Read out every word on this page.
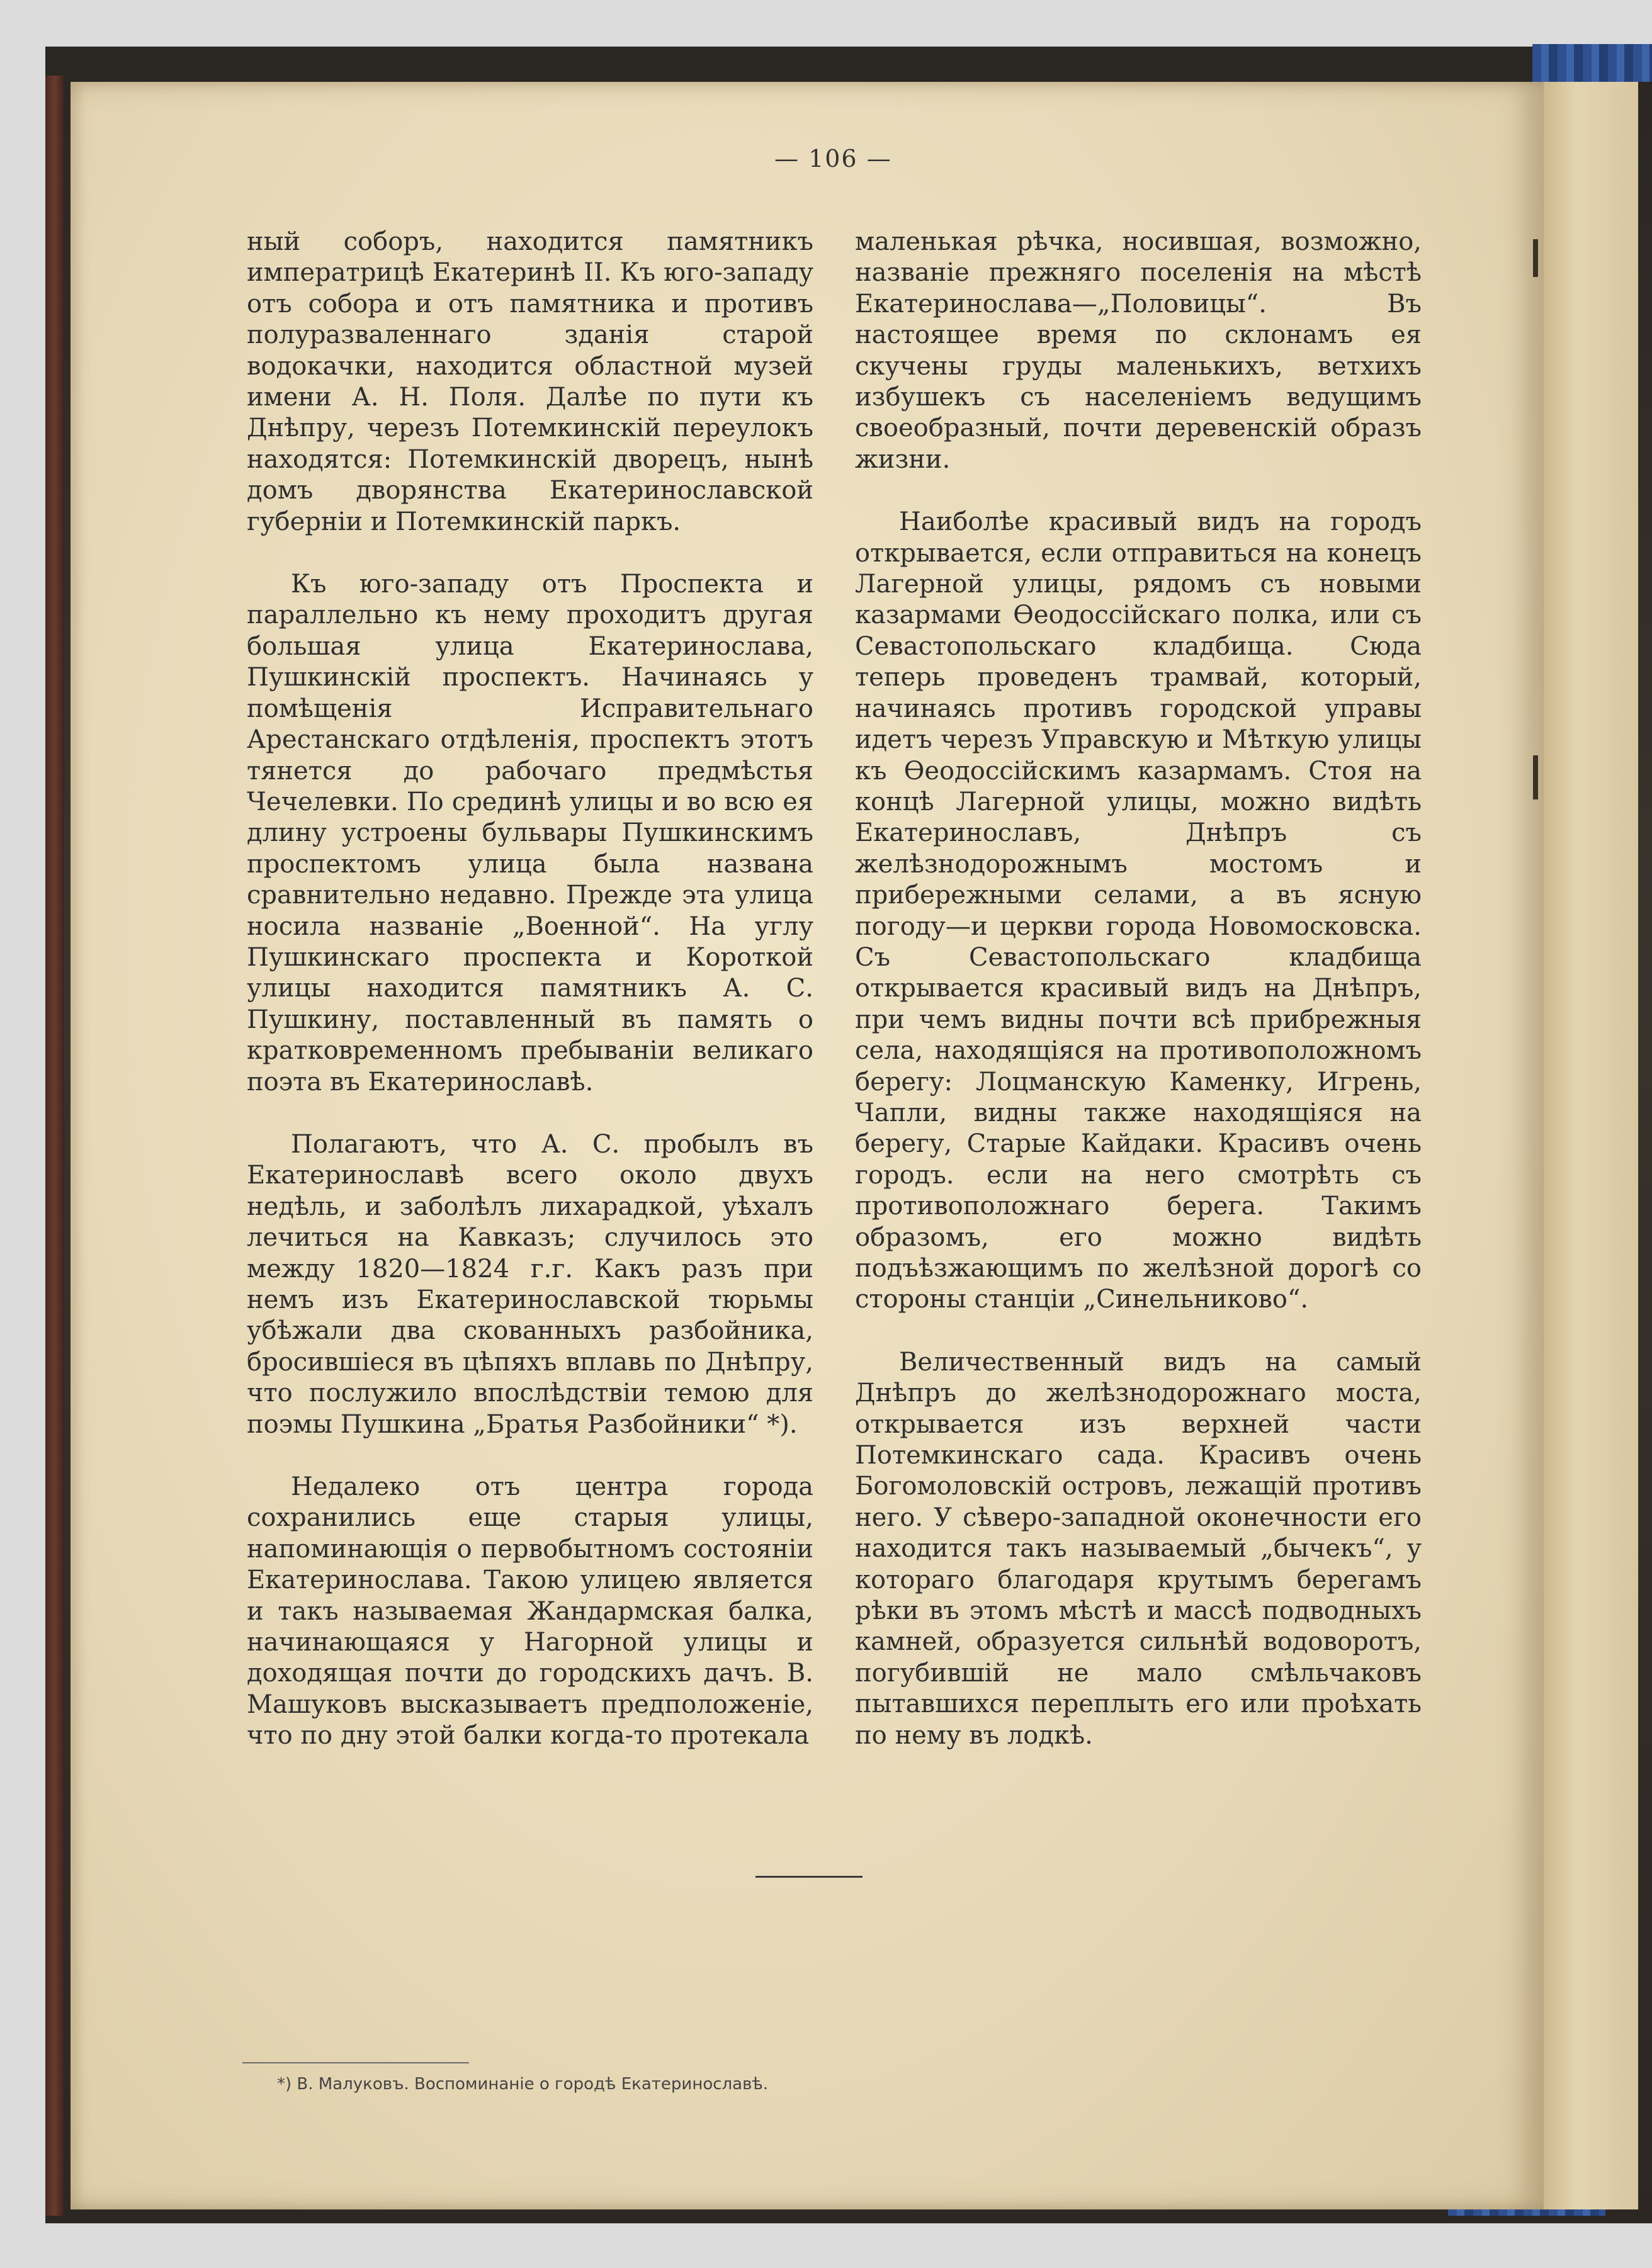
— 106 —

ный соборъ, находится памятникъ императрицѣ Екатеринѣ II. Къ юго-западу отъ собора и отъ памятника и противъ полуразваленнаго зданія старой водокачки, находится областной музей имени А. Н. Поля. Далѣе по пути къ Днѣпру, черезъ Потемкинскій переулокъ находятся: Потемкинскій дворецъ, нынѣ домъ дворянства Екатеринославской губерніи и Потемкинскій паркъ.

Къ юго-западу отъ Проспекта и параллельно къ нему проходитъ другая большая улица Екатеринослава, Пушкинскій проспектъ. Начинаясь у помѣщенія Исправительнаго Арестанскаго отдѣленія, проспектъ этотъ тянется до рабочаго предмѣстья Чечелевки. По срединѣ улицы и во всю ея длину устроены бульвары Пушкинскимъ проспектомъ улица была названа сравнительно недавно. Прежде эта улица носила названіе „Военной“. На углу Пушкинскаго проспекта и Короткой улицы находится памятникъ А. С. Пушкину, поставленный въ память о кратковременномъ пребываніи великаго поэта въ Екатеринославѣ.

Полагаютъ, что А. С. пробылъ въ Екатеринославѣ всего около двухъ недѣль, и заболѣлъ лихарадкой, уѣхалъ лечиться на Кавказъ; случилось это между 1820—1824 г.г. Какъ разъ при немъ изъ Екатеринославской тюрьмы убѣжали два скованныхъ разбойника, бросившіеся въ цѣпяхъ вплавь по Днѣпру, что послужило впослѣдствіи темою для поэмы Пушкина „Братья Разбойники“ *).

Недалеко отъ центра города сохранились еще старыя улицы, напоминающія о первобытномъ состояніи Екатеринослава. Такою улицею является и такъ называемая Жандармская балка, начинающаяся у Нагорной улицы и доходящая почти до городскихъ дачъ. В. Машуковъ высказываетъ предположеніе, что по дну этой балки когда-то протекала

маленькая рѣчка, носившая, возможно, названіе прежняго поселенія на мѣстѣ Екатеринослава—„Половицы“. Въ настоящее время по склонамъ ея скучены груды маленькихъ, ветхихъ избушекъ съ населеніемъ ведущимъ своеобразный, почти деревенскій образъ жизни.

Наиболѣе красивый видъ на городъ открывается, если отправиться на конецъ Лагерной улицы, рядомъ съ новыми казармами Ѳеодоссійскаго полка, или съ Севастопольскаго кладбища. Сюда теперь проведенъ трамвай, который, начинаясь противъ городской управы идетъ черезъ Управскую и Мѣткую улицы къ Ѳеодоссійскимъ казармамъ. Стоя на концѣ Лагерной улицы, можно видѣть Екатеринославъ, Днѣпръ съ желѣзнодорожнымъ мостомъ и прибережными селами, а въ ясную погоду—и церкви города Новомосковска. Съ Севастопольскаго кладбища открывается красивый видъ на Днѣпръ, при чемъ видны почти всѣ прибрежныя села, находящіяся на противоположномъ берегу: Лоцманскую Каменку, Игрень, Чапли, видны также находящіяся на берегу, Старые Кайдаки. Красивъ очень городъ. если на него смотрѣть съ противоположнаго берега. Такимъ образомъ, его можно видѣть подъѣзжающимъ по желѣзной дорогѣ со стороны станціи „Синельниково“.

Величественный видъ на самый Днѣпръ до желѣзнодорожнаго моста, открывается изъ верхней части Потемкинскаго сада. Красивъ очень Богомоловскій островъ, лежащій противъ него. У сѣверо-западной оконечности его находится такъ называемый „бычекъ“, у котораго благодаря крутымъ берегамъ рѣки въ этомъ мѣстѣ и массѣ подводныхъ камней, образуется сильнѣй водоворотъ, погубившій не мало смѣльчаковъ пытавшихся переплыть его или проѣхать по нему въ лодкѣ.

*) В. Малуковъ. Воспоминаніе о городѣ Екатеринославѣ.
